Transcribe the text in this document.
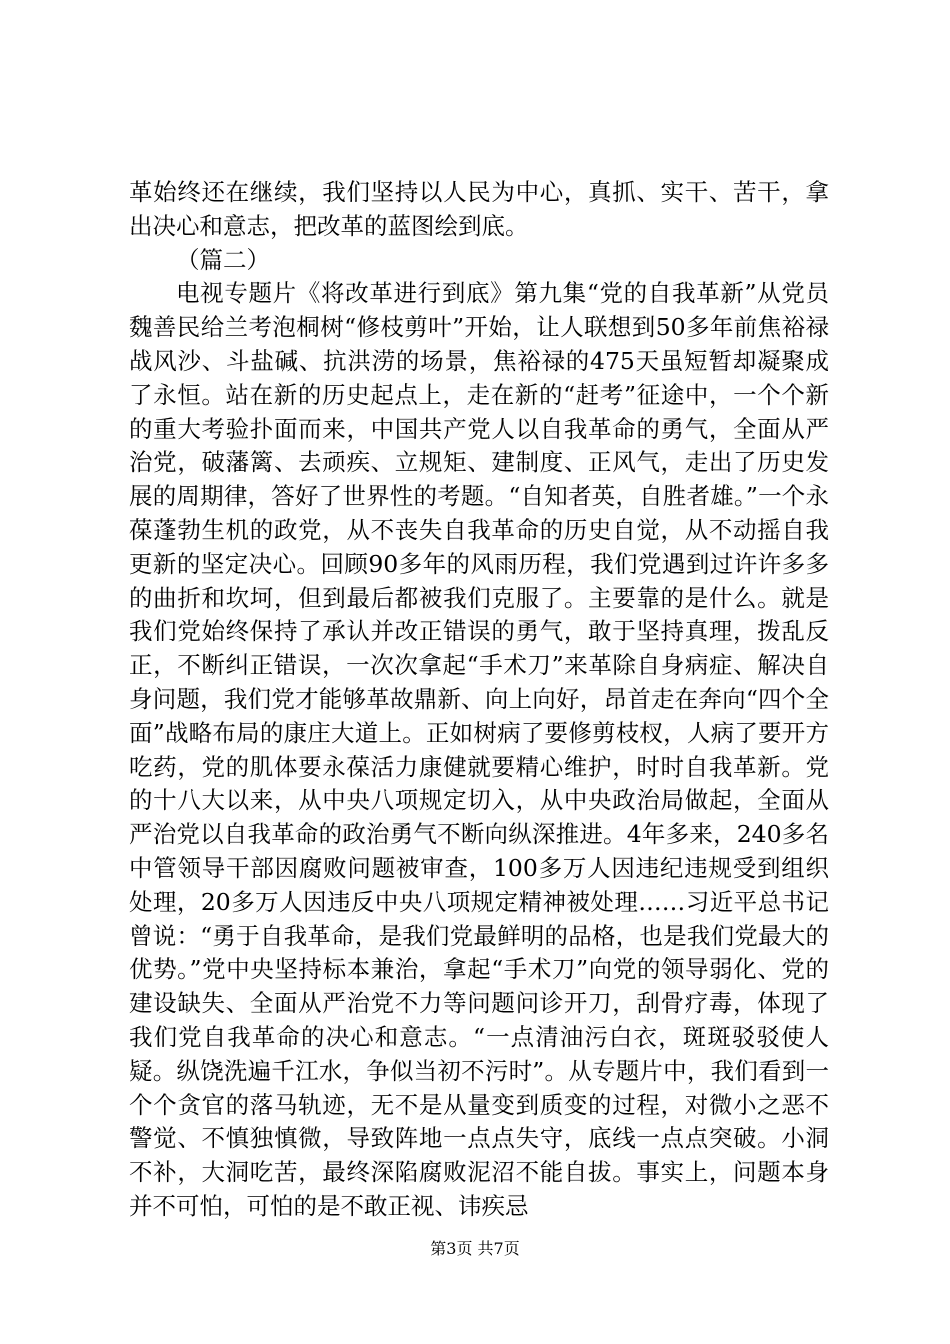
革始终还在继续，我们坚持以人民为中心，真抓、实干、苦干，拿出决心和意志，把改革的蓝图绘到底。

（篇二）

电视专题片《将改革进行到底》第九集“党的自我革新”从党员魏善民给兰考泡桐树“修枝剪叶”开始，让人联想到50多年前焦裕禄战风沙、斗盐碱、抗洪涝的场景，焦裕禄的475天虽短暂却凝聚成了永恒。站在新的历史起点上，走在新的“赶考”征途中，一个个新的重大考验扑面而来，中国共产党人以自我革命的勇气，全面从严治党，破藩篱、去顽疾、立规矩、建制度、正风气，走出了历史发展的周期律，答好了世界性的考题。“自知者英，自胜者雄。”一个永葆蓬勃生机的政党，从不丧失自我革命的历史自觉，从不动摇自我更新的坚定决心。回顾90多年的风雨历程，我们党遇到过许许多多的曲折和坎坷，但到最后都被我们克服了。主要靠的是什么。就是我们党始终保持了承认并改正错误的勇气，敢于坚持真理，拨乱反正，不断纠正错误，一次次拿起“手术刀”来革除自身病症、解决自身问题，我们党才能够革故鼎新、向上向好，昂首走在奔向“四个全面”战略布局的康庄大道上。正如树病了要修剪枝杈，人病了要开方吃药，党的肌体要永葆活力康健就要精心维护，时时自我革新。党的十八大以来，从中央八项规定切入，从中央政治局做起，全面从严治党以自我革命的政治勇气不断向纵深推进。4年多来，240多名中管领导干部因腐败问题被审查，100多万人因违纪违规受到组织处理，20多万人因违反中央八项规定精神被处理……习近平总书记曾说：“勇于自我革命，是我们党最鲜明的品格，也是我们党最大的优势。”党中央坚持标本兼治，拿起“手术刀”向党的领导弱化、党的建设缺失、全面从严治党不力等问题问诊开刀，刮骨疗毒，体现了我们党自我革命的决心和意志。“一点清油污白衣，斑斑驳驳使人疑。纵饶洗遍千江水，争似当初不污时”。从专题片中，我们看到一个个贪官的落马轨迹，无不是从量变到质变的过程，对微小之恶不警觉、不慎独慎微，导致阵地一点点失守，底线一点点突破。小洞不补，大洞吃苦，最终深陷腐败泥沼不能自拔。事实上，问题本身并不可怕，可怕的是不敢正视、讳疾忌

第3页 共7页
